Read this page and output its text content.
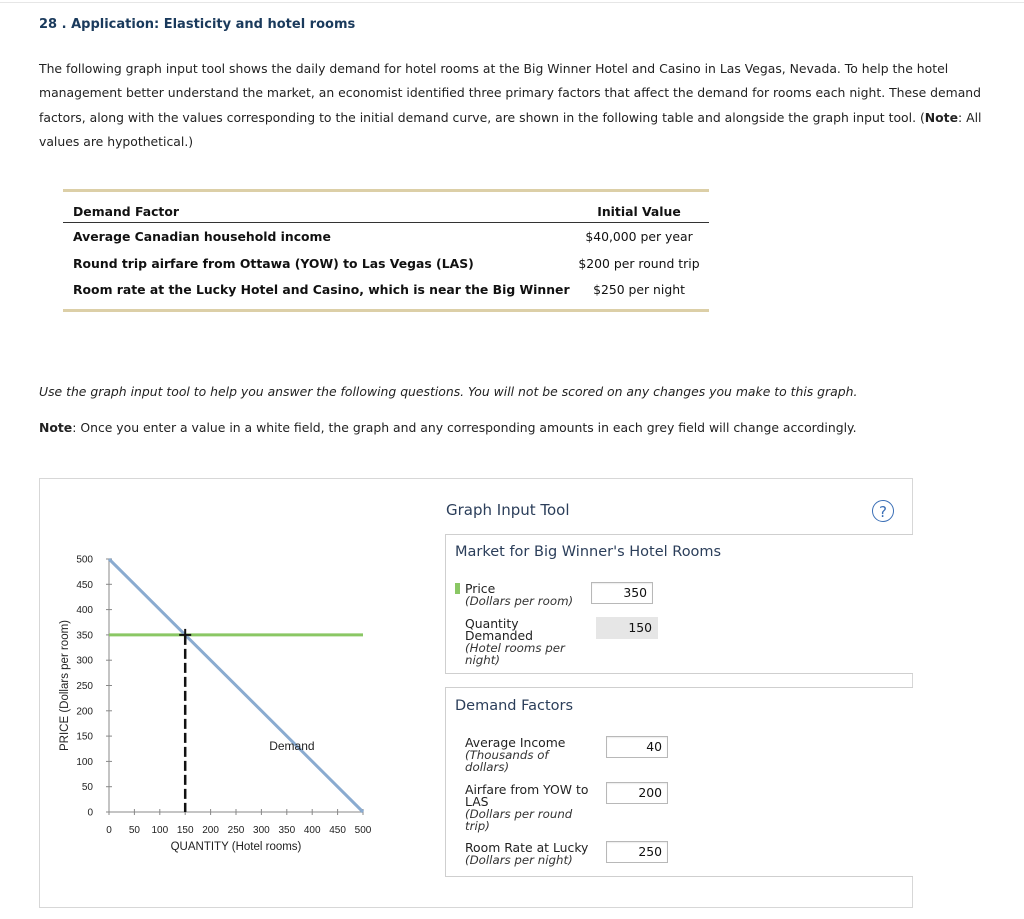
28 . Application: Elasticity and hotel rooms
The following graph input tool shows the daily demand for hotel rooms at the Big Winner Hotel and Casino in Las Vegas, Nevada. To help the hotel management better understand the market, an economist identified three primary factors that affect the demand for rooms each night. These demand factors, along with the values corresponding to the initial demand curve, are shown in the following table and alongside the graph input tool. (Note: All values are hypothetical.)
Demand Factor	Initial Value
Average Canadian household income	$40,000 per year
Round trip airfare from Ottawa (YOW) to Las Vegas (LAS)	$200 per round trip
Room rate at the Lucky Hotel and Casino, which is near the Big Winner	$250 per night
Use the graph input tool to help you answer the following questions. You will not be scored on any changes you make to this graph.
Note: Once you enter a value in a white field, the graph and any corresponding amounts in each grey field will change accordingly.
0 50 100 150 200 250 300 350 400 450 500
0
50
100
150
200
250
300
350
400
450
500
QUANTITY (Hotel rooms)
PRICE (Dollars per room)	Demand
Graph Input Tool	?
Market for Big Winner's Hotel Rooms
Price
(Dollars per room)
350
Quantity
Demanded
(Hotel rooms per
night)
150
Demand Factors
Average Income
(Thousands of
dollars)
40
Airfare from YOW to
LAS
(Dollars per round
trip)
200
Room Rate at Lucky
(Dollars per night)
250
